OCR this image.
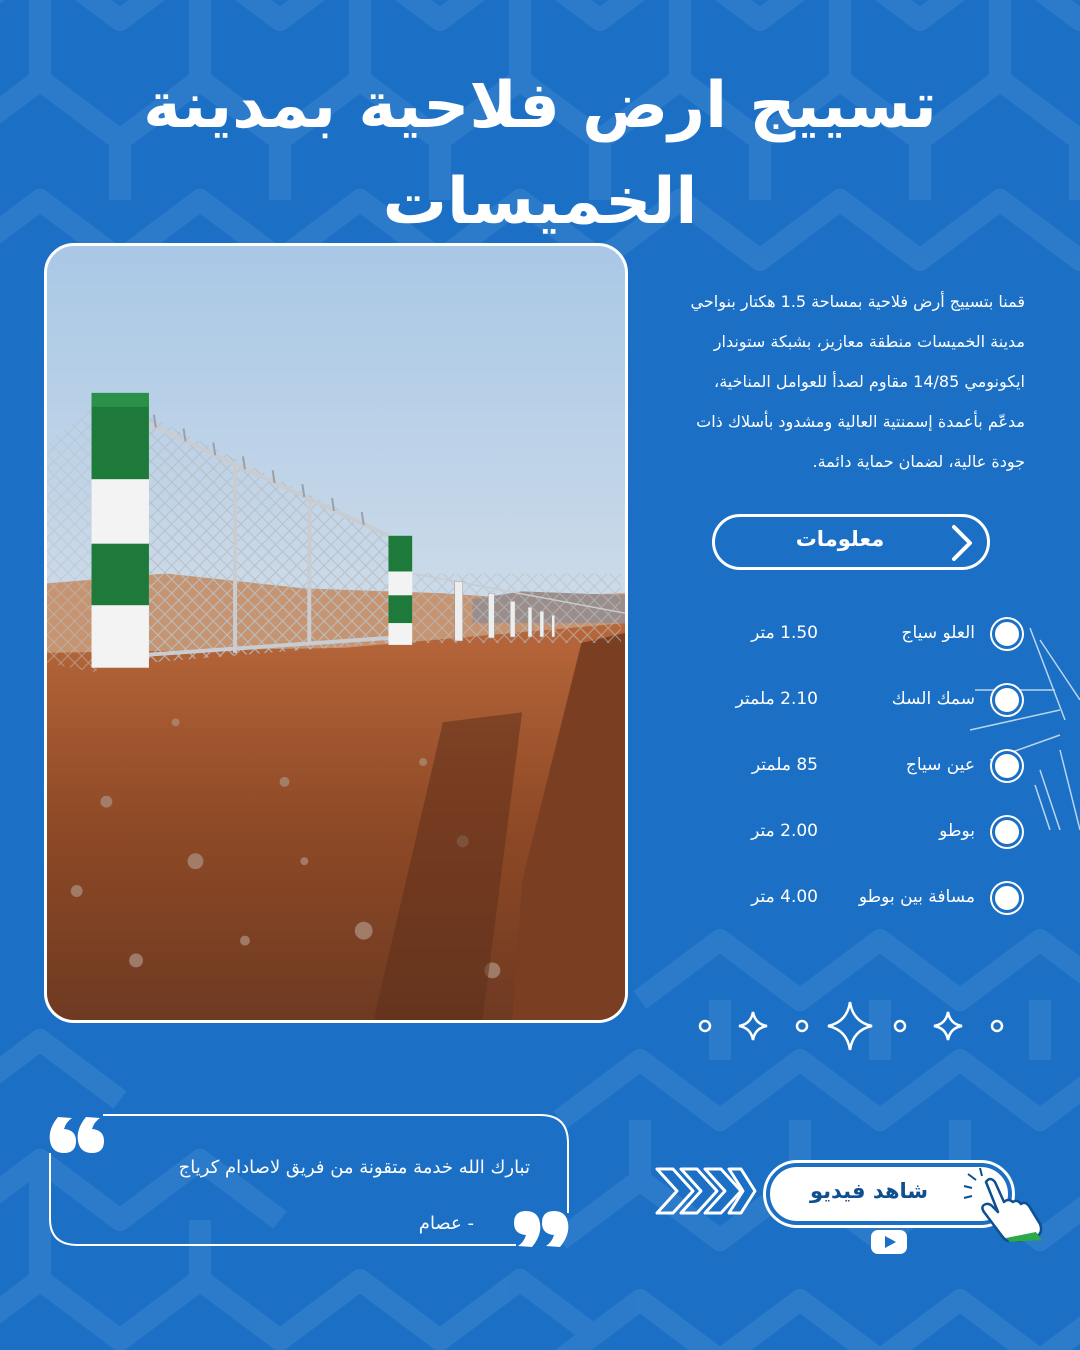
تسييج ارض فلاحية بمدينة الخميسات
قمنا بتسييج أرض فلاحية بمساحة 1.5 هكتار بنواحي
مدينة الخميسات منطقة معازيز، بشبكة ستوندار
ايكونومي 14/85 مقاوم لصدأ للعوامل المناخية،
مدعّم بأعمدة إسمنتية العالية ومشدود بأسلاك ذات
جودة عالية، لضمان حماية دائمة.
معلومات
العلو سياج
1.50 متر
سمك السك
2.10 ملمتر
عين سياج
85 ملمتر
بوطو
2.00 متر
مسافة بين بوطو
4.00 متر
تبارك الله خدمة متقونة من فريق لاصادام كرياج
- عصام
شاهد فيديو
